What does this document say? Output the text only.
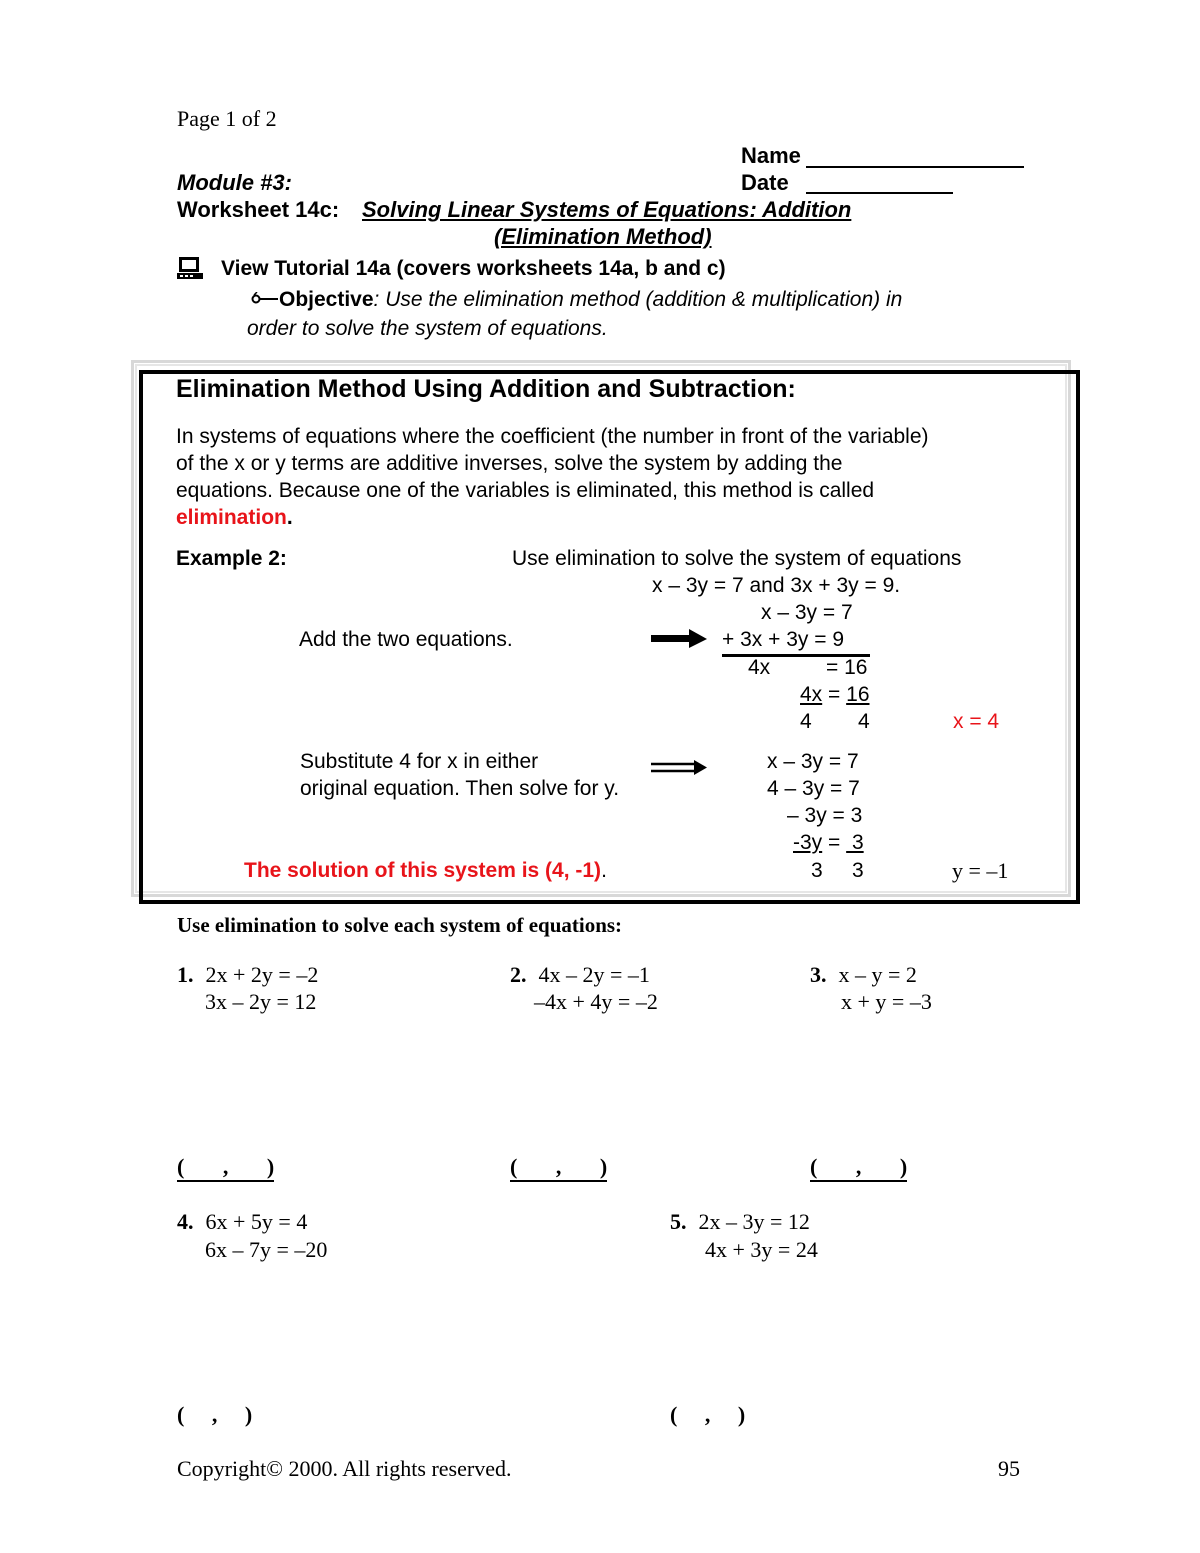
Page 1 of 2
Name
Module #3:	Date
Worksheet 14c: Solving Linear Systems of Equations: Addition
(Elimination Method)
View Tutorial 14a (covers worksheets 14a, b and c)
Objective: Use the elimination method (addition & multiplication) in
order to solve the system of equations.
Elimination Method Using Addition and Subtraction:
In systems of equations where the coefficient (the number in front of the variable)
of the x or y terms are additive inverses, solve the system by adding the
equations. Because one of the variables is eliminated, this method is called
elimination.
Example 2:	Use elimination to solve the system of equations
x – 3y = 7 and 3x + 3y = 9.
x – 3y = 7
Add the two equations.	+ 3x + 3y = 9
4x	= 16
4x = 16
4 4	x = 4
Substitute 4 for x in either	x – 3y = 7
original equation. Then solve for y.	4 – 3y = 7
– 3y = 3
-3y =  3
The solution of this system is (4, -1).	3 3	y = –1
Use elimination to solve each system of equations:
1. 2x + 2y = –2
3x – 2y = 12
2. 4x – 2y = –1
–4x + 4y = –2
3. x – y = 2
x + y = –3
(       ,       )	(       ,       )	(       ,       )
4. 6x + 5y = 4
6x – 7y = –20
5. 2x – 3y = 12
4x + 3y = 24
(     ,     )	(     ,     )
Copyright© 2000. All rights reserved.	95
